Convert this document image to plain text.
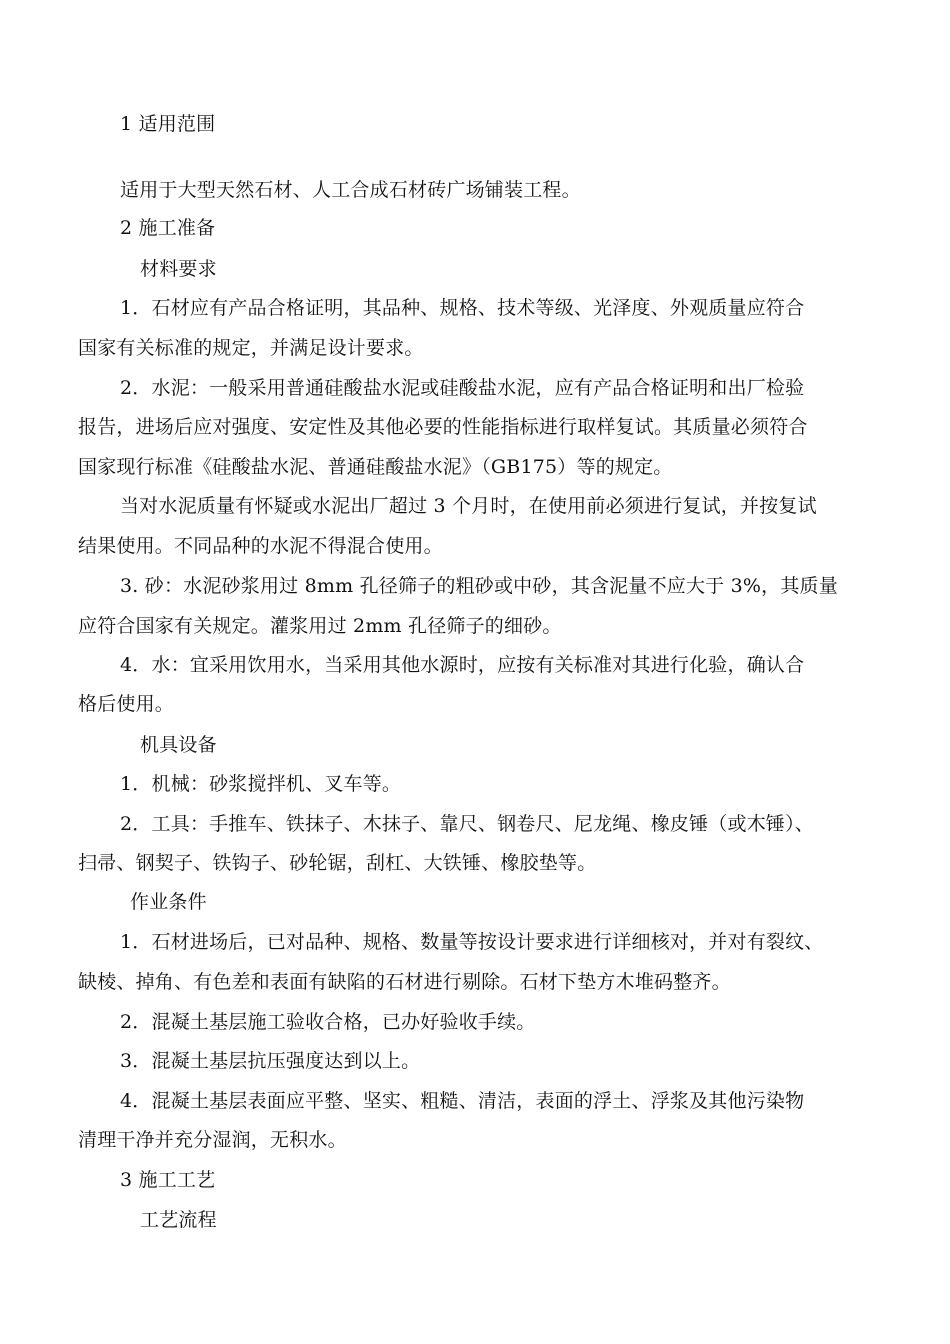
1 适用范围
适用于大型天然石材、人工合成石材砖广场铺装工程。
2 施工准备
材料要求
1．石材应有产品合格证明，其品种、规格、技术等级、光泽度、外观质量应符合
国家有关标准的规定，并满足设计要求。
2．水泥：一般采用普通硅酸盐水泥或硅酸盐水泥，应有产品合格证明和出厂检验
报告，进场后应对强度、安定性及其他必要的性能指标进行取样复试。其质量必须符合
国家现行标准《硅酸盐水泥、普通硅酸盐水泥》（GB175）等的规定。
当对水泥质量有怀疑或水泥出厂超过 3 个月时，在使用前必须进行复试，并按复试
结果使用。不同品种的水泥不得混合使用。
3. 砂：水泥砂浆用过 8mm 孔径筛子的粗砂或中砂，其含泥量不应大于 3%，其质量
应符合国家有关规定。灌浆用过 2mm 孔径筛子的细砂。
4．水：宜采用饮用水，当采用其他水源时，应按有关标准对其进行化验，确认合
格后使用。
机具设备
1．机械：砂浆搅拌机、叉车等。
2．工具：手推车、铁抹子、木抹子、靠尺、钢卷尺、尼龙绳、橡皮锤（或木锤）、
扫帚、钢契子、铁钩子、砂轮锯，刮杠、大铁锤、橡胶垫等。
作业条件
1．石材进场后，已对品种、规格、数量等按设计要求进行详细核对，并对有裂纹、
缺棱、掉角、有色差和表面有缺陷的石材进行剔除。石材下垫方木堆码整齐。
2．混凝土基层施工验收合格，已办好验收手续。
3．混凝土基层抗压强度达到以上。
4．混凝土基层表面应平整、坚实、粗糙、清洁，表面的浮土、浮浆及其他污染物
清理干净并充分湿润，无积水。
3 施工工艺
工艺流程
